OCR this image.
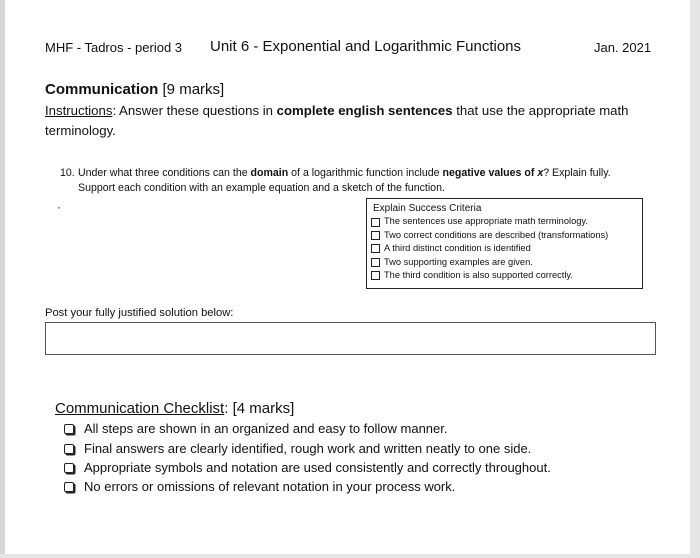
MHF - Tadros - period 3 Unit 6 - Exponential and Logarithmic Functions	Jan. 2021
Communication [9 marks]
Instructions: Answer these questions in complete english sentences that use the appropriate math terminology.
10. Under what three conditions can the domain of a logarithmic function include negative values of x? Explain fully.
Support each condition with an example equation and a sketch of the function.
·	Explain Success Criteria
The sentences use appropriate math terminology.
Two correct conditions are described (transformations)
A third distinct condition is identified
Two supporting examples are given.
The third condition is also supported correctly.
Post your fully justified solution below:
Communication Checklist: [4 marks]
All steps are shown in an organized and easy to follow manner.
Final answers are clearly identified, rough work and written neatly to one side.
Appropriate symbols and notation are used consistently and correctly throughout.
No errors or omissions of relevant notation in your process work.
